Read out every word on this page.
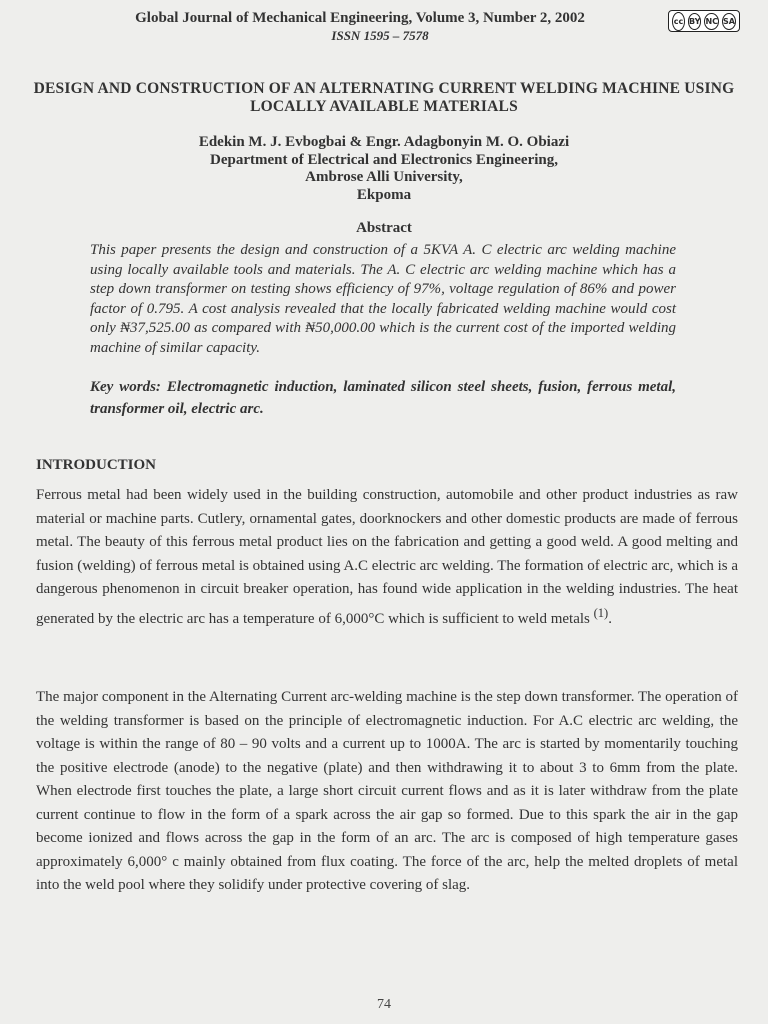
Global Journal of Mechanical Engineering, Volume 3, Number 2, 2002
ISSN 1595 – 7578
cc BY NC SA
DESIGN AND CONSTRUCTION OF AN ALTERNATING CURRENT WELDING MACHINE USING LOCALLY AVAILABLE MATERIALS
Edekin M. J. Evbogbai & Engr. Adagbonyin M. O. Obiazi
Department of Electrical and Electronics Engineering,
Ambrose Alli University,
Ekpoma
Abstract
This paper presents the design and construction of a 5KVA A. C electric arc welding machine using locally available tools and materials. The A. C electric arc welding machine which has a step down transformer on testing shows efficiency of 97%, voltage regulation of 86% and power factor of 0.795. A cost analysis revealed that the locally fabricated welding machine would cost only ₦37,525.00 as compared with ₦50,000.00 which is the current cost of the imported welding machine of similar capacity.
Key words: Electromagnetic induction, laminated silicon steel sheets, fusion, ferrous metal, transformer oil, electric arc.
INTRODUCTION
Ferrous metal had been widely used in the building construction, automobile and other product industries as raw material or machine parts. Cutlery, ornamental gates, doorknockers and other domestic products are made of ferrous metal. The beauty of this ferrous metal product lies on the fabrication and getting a good weld. A good melting and fusion (welding) of ferrous metal is obtained using A.C electric arc welding. The formation of electric arc, which is a dangerous phenomenon in circuit breaker operation, has found wide application in the welding industries. The heat generated by the electric arc has a temperature of 6,000°C which is sufficient to weld metals $^{(1)}$.
The major component in the Alternating Current arc-welding machine is the step down transformer. The operation of the welding transformer is based on the principle of electromagnetic induction. For A.C electric arc welding, the voltage is within the range of 80 – 90 volts and a current up to 1000A. The arc is started by momentarily touching the positive electrode (anode) to the negative (plate) and then withdrawing it to about 3 to 6mm from the plate. When electrode first touches the plate, a large short circuit current flows and as it is later withdraw from the plate current continue to flow in the form of a spark across the air gap so formed. Due to this spark the air in the gap become ionized and flows across the gap in the form of an arc. The arc is composed of high temperature gases approximately 6,000° c mainly obtained from flux coating. The force of the arc, help the melted droplets of metal into the weld pool where they solidify under protective covering of slag.
74
